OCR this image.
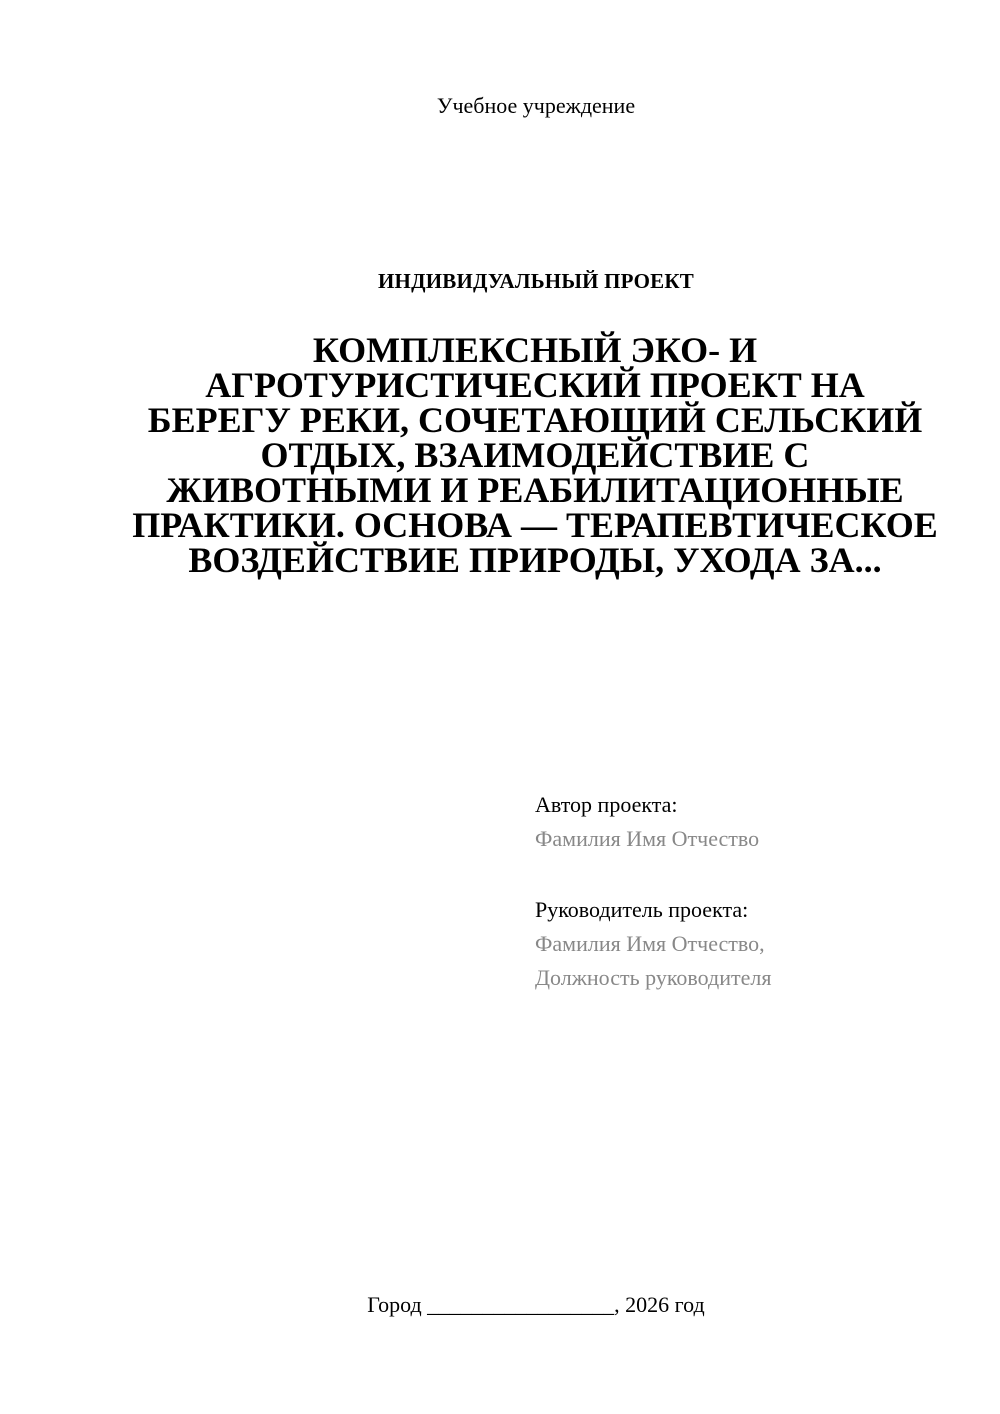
Учебное учреждение
ИНДИВИДУАЛЬНЫЙ ПРОЕКТ
КОМПЛЕКСНЫЙ ЭКО- И АГРОТУРИСТИЧЕСКИЙ ПРОЕКТ НА БЕРЕГУ РЕКИ, СОЧЕТАЮЩИЙ СЕЛЬСКИЙ ОТДЫХ, ВЗАИМОДЕЙСТВИЕ С ЖИВОТНЫМИ И РЕАБИЛИТАЦИОННЫЕ ПРАКТИКИ. ОСНОВА — ТЕРАПЕВТИЧЕСКОЕ ВОЗДЕЙСТВИЕ ПРИРОДЫ, УХОДА ЗА...
Автор проекта:
Фамилия Имя Отчество
Руководитель проекта:
Фамилия Имя Отчество,
Должность руководителя
Город _________________, 2026 год
